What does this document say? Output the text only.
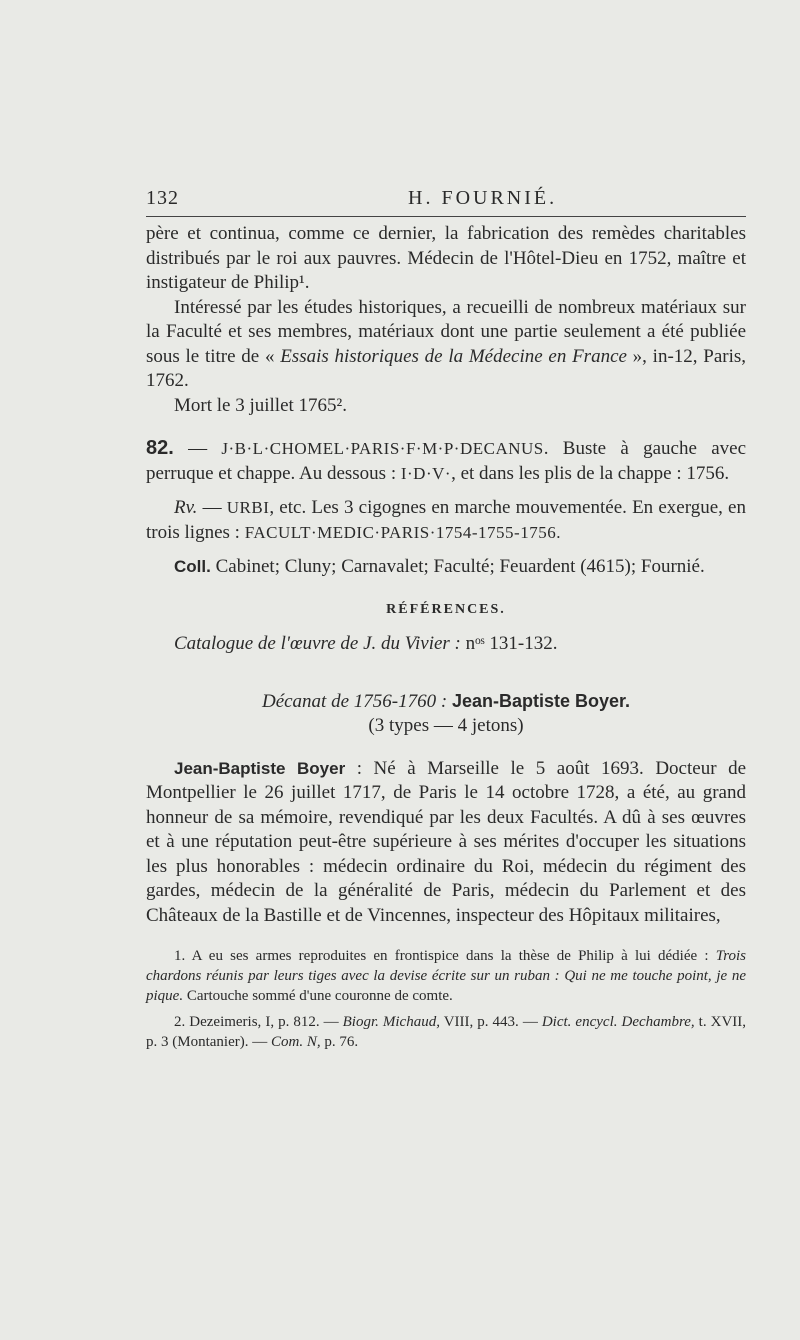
132	H. FOURNIÉ.

père et continua, comme ce dernier, la fabrication des remèdes charitables distribués par le roi aux pauvres. Médecin de l'Hôtel-Dieu en 1752, maître et instigateur de Philip¹.

Intéressé par les études historiques, a recueilli de nombreux matériaux sur la Faculté et ses membres, matériaux dont une partie seulement a été publiée sous le titre de « Essais historiques de la Médecine en France », in-12, Paris, 1762.

Mort le 3 juillet 1765².

82. — J·B·L·CHOMEL·PARIS·F·M·P·DECANUS. Buste à gauche avec perruque et chappe. Au dessous : I·D·V·, et dans les plis de la chappe : 1756.

Rv. — URBI, etc. Les 3 cigognes en marche mouvementée. En exergue, en trois lignes : FACULT·MEDIC·PARIS·1754-1755-1756.

Coll. Cabinet; Cluny; Carnavalet; Faculté; Feuardent (4615); Fournié.

RÉFÉRENCES.

Catalogue de l'œuvre de J. du Vivier : nᵒˢ 131-132.

Décanat de 1756-1760 : Jean-Baptiste Boyer.

(3 types — 4 jetons)

Jean-Baptiste Boyer : Né à Marseille le 5 août 1693. Docteur de Montpellier le 26 juillet 1717, de Paris le 14 octobre 1728, a été, au grand honneur de sa mémoire, revendiqué par les deux Facultés. A dû à ses œuvres et à une réputation peut-être supérieure à ses mérites d'occuper les situations les plus honorables : médecin ordinaire du Roi, médecin du régiment des gardes, médecin de la généralité de Paris, médecin du Parlement et des Châteaux de la Bastille et de Vincennes, inspecteur des Hôpitaux militaires,

1. A eu ses armes reproduites en frontispice dans la thèse de Philip à lui dédiée : Trois chardons réunis par leurs tiges avec la devise écrite sur un ruban : Qui ne me touche point, je ne pique. Cartouche sommé d'une couronne de comte.

2. Dezeimeris, I, p. 812. — Biogr. Michaud, VIII, p. 443. — Dict. encycl. Dechambre, t. XVII, p. 3 (Montanier). — Com. N, p. 76.
